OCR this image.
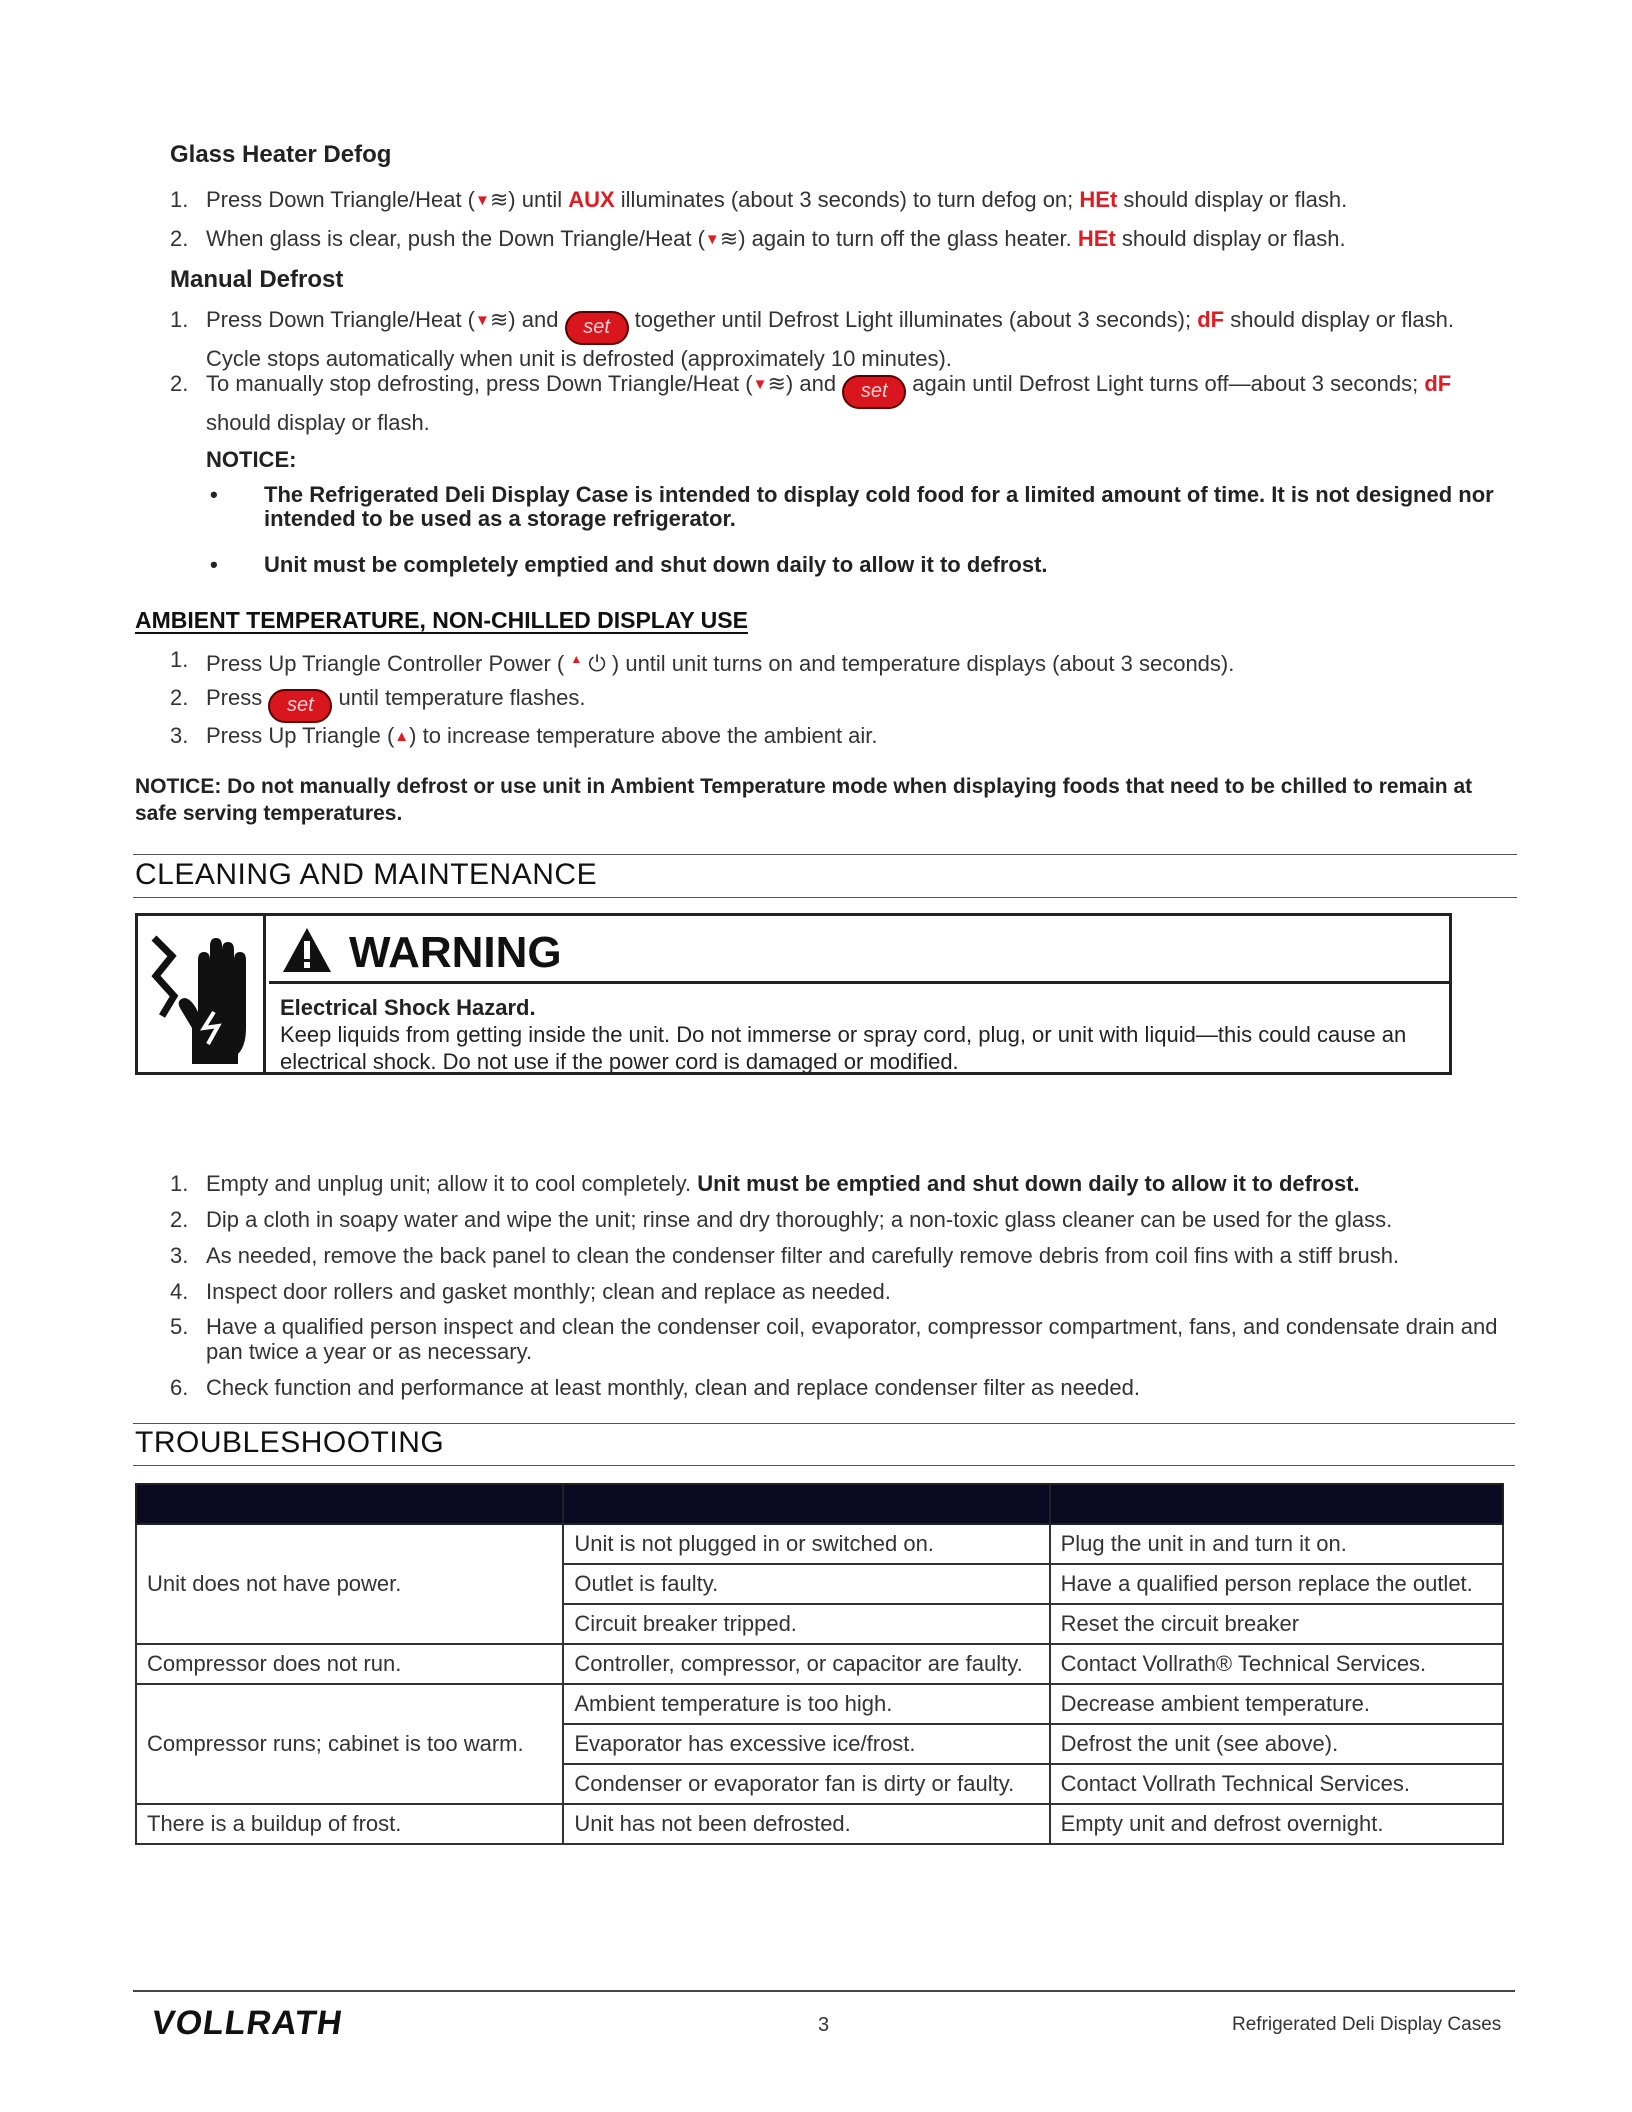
Glass Heater Defog
1. Press Down Triangle/Heat (▼≋) until AUX illuminates (about 3 seconds) to turn defog on; HEt should display or flash.
2. When glass is clear, push the Down Triangle/Heat (▼≋) again to turn off the glass heater. HEt should display or flash.
Manual Defrost
1. Press Down Triangle/Heat (▼≋) and set together until Defrost Light illuminates (about 3 seconds); dF should display or flash. Cycle stops automatically when unit is defrosted (approximately 10 minutes).
2. To manually stop defrosting, press Down Triangle/Heat (▼≋) and set again until Defrost Light turns off—about 3 seconds; dF should display or flash.
NOTICE:
•	The Refrigerated Deli Display Case is intended to display cold food for a limited amount of time. It is not designed nor intended to be used as a storage refrigerator.
•	Unit must be completely emptied and shut down daily to allow it to defrost.
AMBIENT TEMPERATURE, NON-CHILLED DISPLAY USE
1. Press Up Triangle Controller Power ( ▲ ⏻ ) until unit turns on and temperature displays (about 3 seconds).
2. Press set until temperature flashes.
3. Press Up Triangle (▲) to increase temperature above the ambient air.
NOTICE: Do not manually defrost or use unit in Ambient Temperature mode when displaying foods that need to be chilled to remain at safe serving temperatures.
CLEANING AND MAINTENANCE
WARNING
Electrical Shock Hazard.
Keep liquids from getting inside the unit. Do not immerse or spray cord, plug, or unit with liquid—this could cause an electrical shock. Do not use if the power cord is damaged or modified.
1. Empty and unplug unit; allow it to cool completely. Unit must be emptied and shut down daily to allow it to defrost.
2. Dip a cloth in soapy water and wipe the unit; rinse and dry thoroughly; a non-toxic glass cleaner can be used for the glass.
3. As needed, remove the back panel to clean the condenser filter and carefully remove debris from coil fins with a stiff brush.
4. Inspect door rollers and gasket monthly; clean and replace as needed.
5. Have a qualified person inspect and clean the condenser coil, evaporator, compressor compartment, fans, and condensate drain and pan twice a year or as necessary.
6. Check function and performance at least monthly, clean and replace condenser filter as needed.
TROUBLESHOOTING

Unit does not have power.	Unit is not plugged in or switched on.	Plug the unit in and turn it on.
	Outlet is faulty.	Have a qualified person replace the outlet.
	Circuit breaker tripped.	Reset the circuit breaker
Compressor does not run.	Controller, compressor, or capacitor are faulty.	Contact Vollrath® Technical Services.
Compressor runs; cabinet is too warm.	Ambient temperature is too high.	Decrease ambient temperature.
	Evaporator has excessive ice/frost.	Defrost the unit (see above).
	Condenser or evaporator fan is dirty or faulty.	Contact Vollrath Technical Services.
There is a buildup of frost.	Unit has not been defrosted.	Empty unit and defrost overnight.
VOLLRATH	3	Refrigerated Deli Display Cases
